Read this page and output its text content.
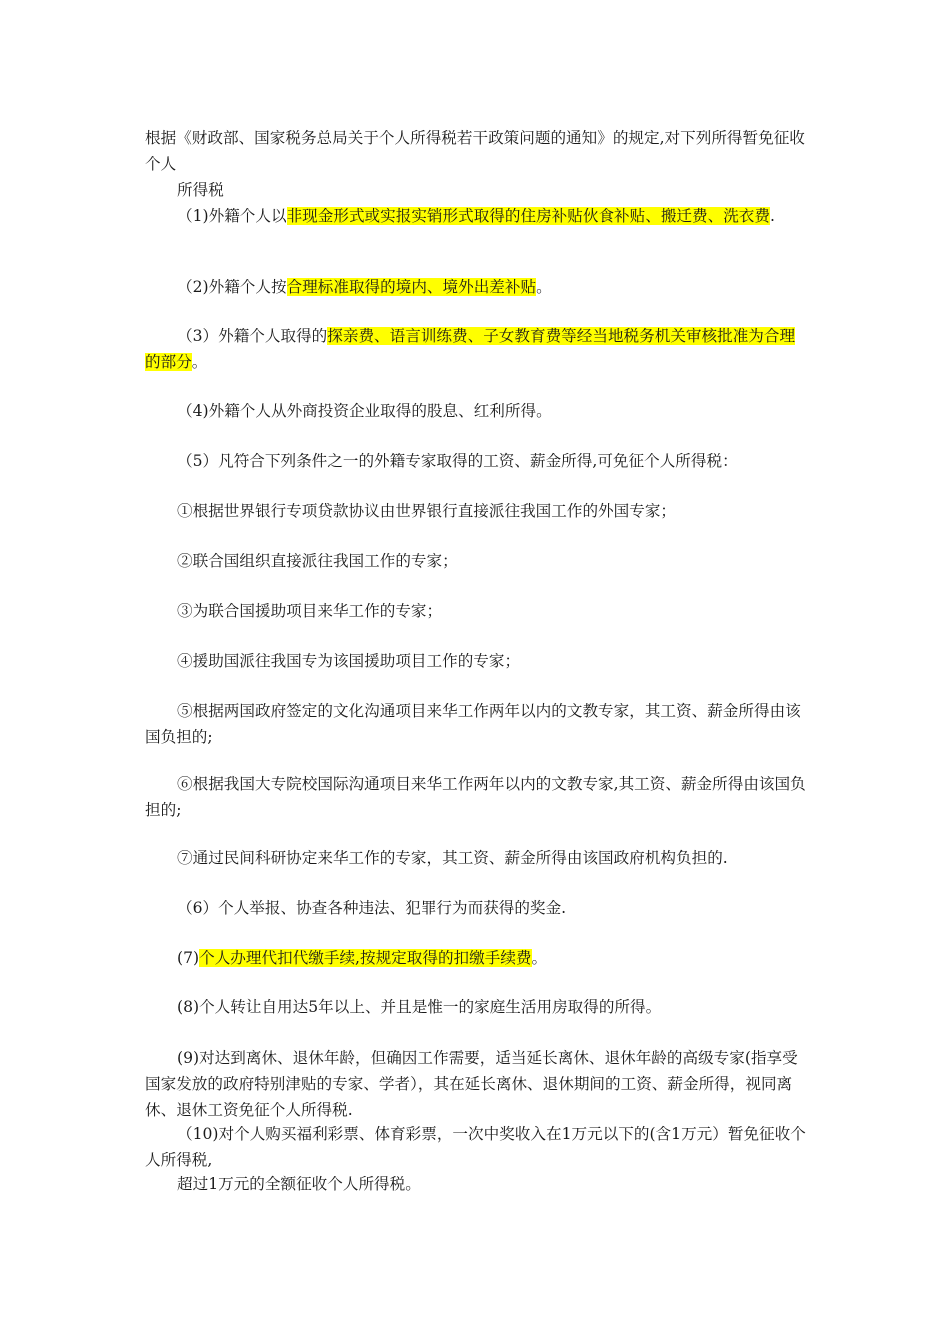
根据《财政部、国家税务总局关于个人所得税若干政策问题的通知》的规定,对下列所得暂免征收个人

所得税

（1)外籍个人以非现金形式或实报实销形式取得的住房补贴伙食补贴、搬迁费、洗衣费.

（2)外籍个人按合理标准取得的境内、境外出差补贴。

（3）外籍个人取得的探亲费、语言训练费、子女教育费等经当地税务机关审核批准为合理的部分。

（4)外籍个人从外商投资企业取得的股息、红利所得。

（5）凡符合下列条件之一的外籍专家取得的工资、薪金所得,可免征个人所得税：

①根据世界银行专项贷款协议由世界银行直接派往我国工作的外国专家；

②联合国组织直接派往我国工作的专家；

③为联合国援助项目来华工作的专家；

④援助国派往我国专为该国援助项目工作的专家；

⑤根据两国政府签定的文化沟通项目来华工作两年以内的文教专家，其工资、薪金所得由该国负担的;

⑥根据我国大专院校国际沟通项目来华工作两年以内的文教专家,其工资、薪金所得由该国负担的;

⑦通过民间科研协定来华工作的专家，其工资、薪金所得由该国政府机构负担的.

（6）个人举报、协查各种违法、犯罪行为而获得的奖金.

(7)个人办理代扣代缴手续,按规定取得的扣缴手续费。

(8)个人转让自用达5年以上、并且是惟一的家庭生活用房取得的所得。

(9)对达到离休、退休年龄，但确因工作需要，适当延长离休、退休年龄的高级专家(指享受国家发放的政府特别津贴的专家、学者），其在延长离休、退休期间的工资、薪金所得，视同离休、退休工资免征个人所得税.

（10)对个人购买福利彩票、体育彩票，一次中奖收入在1万元以下的(含1万元）暂免征收个人所得税,

超过1万元的全额征收个人所得税。
